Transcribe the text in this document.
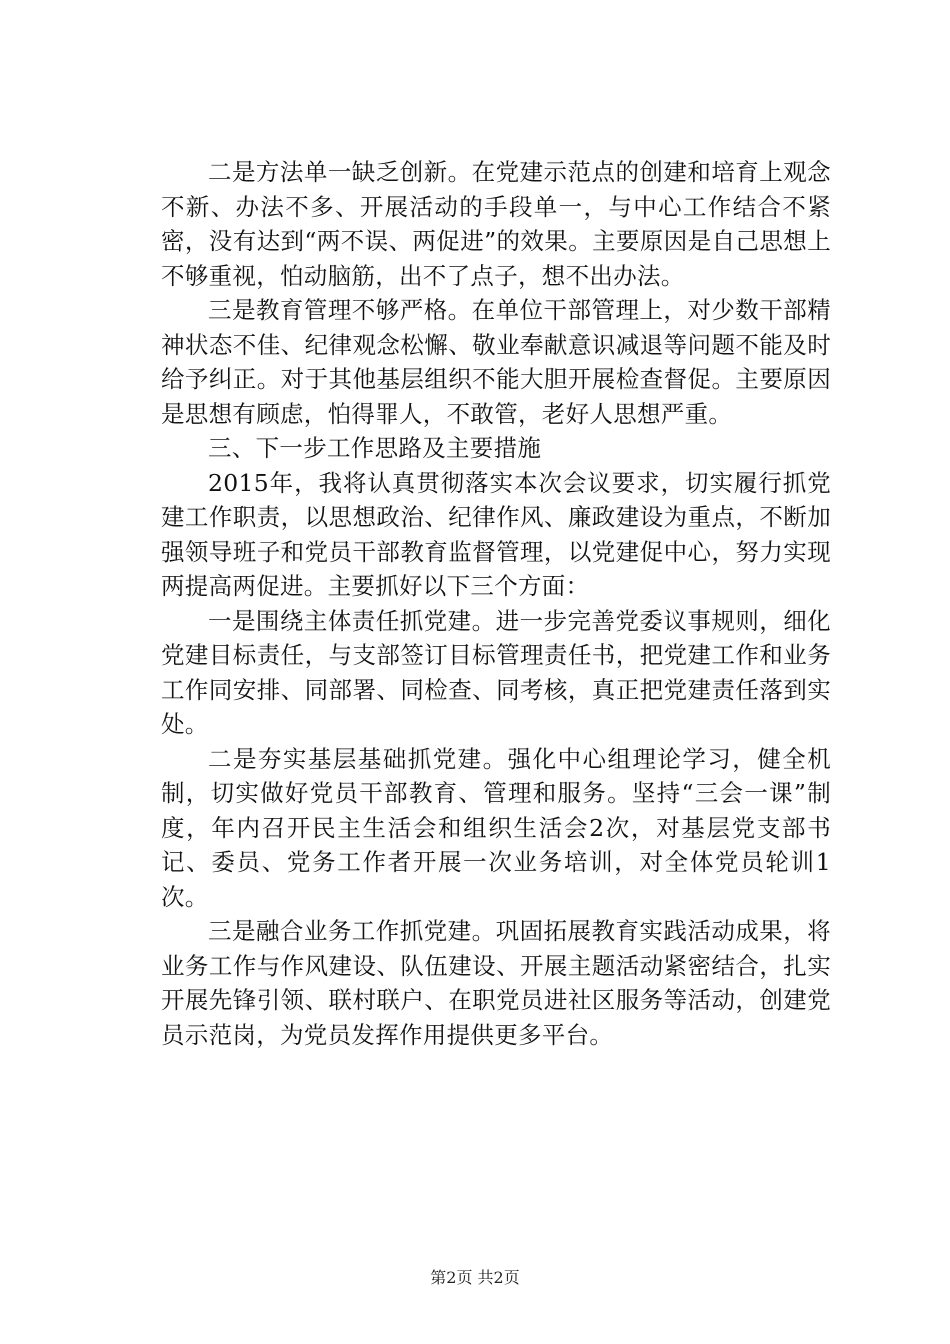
二是方法单一缺乏创新。在党建示范点的创建和培育上观念不新、办法不多、开展活动的手段单一，与中心工作结合不紧密，没有达到“两不误、两促进”的效果。主要原因是自己思想上不够重视，怕动脑筋，出不了点子，想不出办法。

三是教育管理不够严格。在单位干部管理上，对少数干部精神状态不佳、纪律观念松懈、敬业奉献意识减退等问题不能及时给予纠正。对于其他基层组织不能大胆开展检查督促。主要原因是思想有顾虑，怕得罪人，不敢管，老好人思想严重。

三、下一步工作思路及主要措施

2015年，我将认真贯彻落实本次会议要求，切实履行抓党建工作职责，以思想政治、纪律作风、廉政建设为重点，不断加强领导班子和党员干部教育监督管理，以党建促中心，努力实现两提高两促进。主要抓好以下三个方面：

一是围绕主体责任抓党建。进一步完善党委议事规则，细化党建目标责任，与支部签订目标管理责任书，把党建工作和业务工作同安排、同部署、同检查、同考核，真正把党建责任落到实处。

二是夯实基层基础抓党建。强化中心组理论学习，健全机制，切实做好党员干部教育、管理和服务。坚持“三会一课”制度，年内召开民主生活会和组织生活会2次，对基层党支部书记、委员、党务工作者开展一次业务培训，对全体党员轮训1次。

三是融合业务工作抓党建。巩固拓展教育实践活动成果，将业务工作与作风建设、队伍建设、开展主题活动紧密结合，扎实开展先锋引领、联村联户、在职党员进社区服务等活动，创建党员示范岗，为党员发挥作用提供更多平台。

第2页 共2页
